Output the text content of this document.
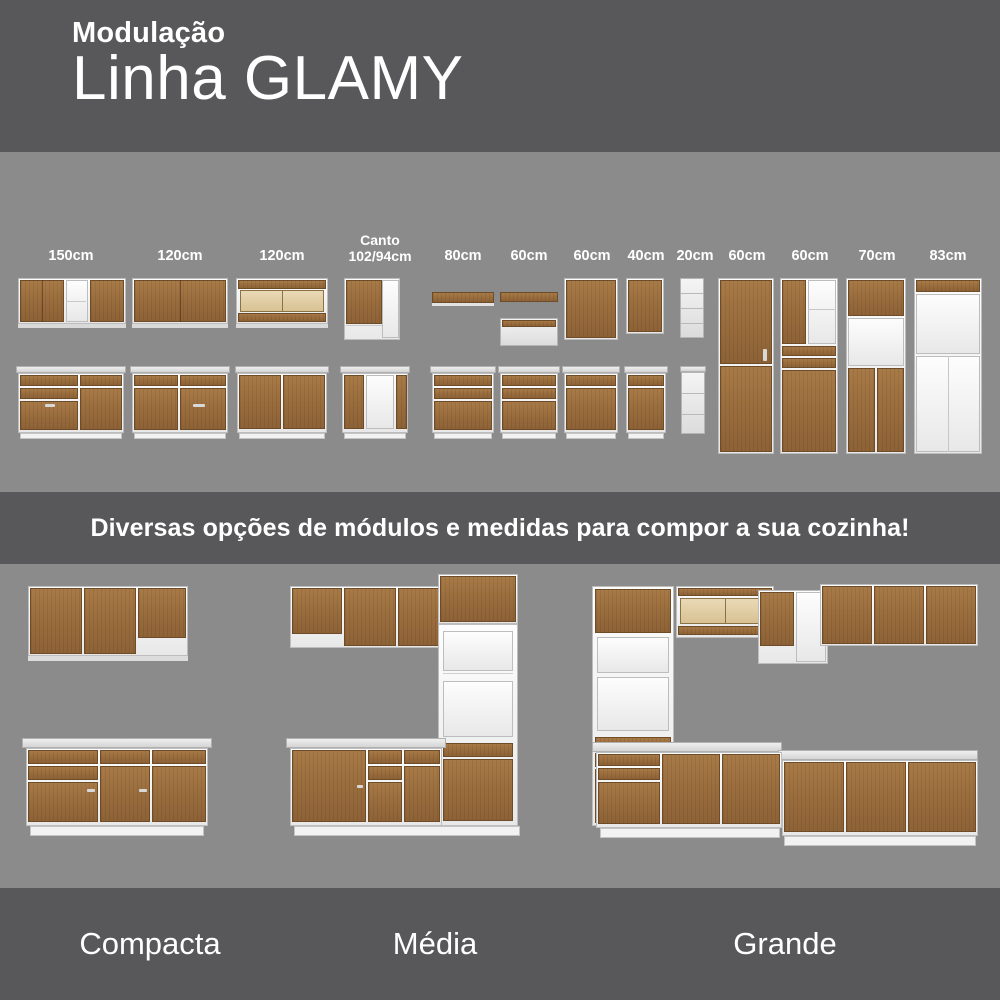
Modulação
Linha GLAMY
150cm	120cm	120cm
Canto 102/94cm	80cm	60cm	60cm	40cm 20cm	60cm	60cm	70cm	83cm
Diversas opções de módulos e medidas para compor a sua cozinha!
Compacta	Média	Grande
